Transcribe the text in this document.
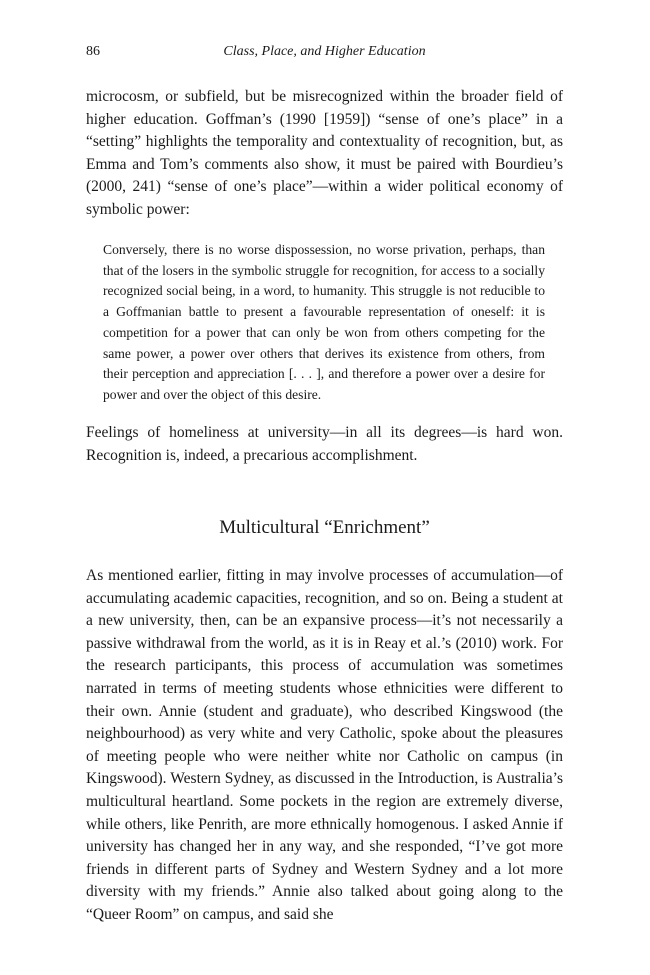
86	Class, Place, and Higher Education

microcosm, or subfield, but be misrecognized within the broader field of higher education. Goffman’s (1990 [1959]) “sense of one’s place” in a “setting” highlights the temporality and contextuality of recognition, but, as Emma and Tom’s comments also show, it must be paired with Bourdieu’s (2000, 241) “sense of one’s place”—within a wider political economy of symbolic power:

Conversely, there is no worse dispossession, no worse privation, perhaps, than that of the losers in the symbolic struggle for recognition, for access to a socially recognized social being, in a word, to humanity. This struggle is not reducible to a Goffmanian battle to present a favourable representation of oneself: it is competition for a power that can only be won from others competing for the same power, a power over others that derives its existence from others, from their perception and appreciation [. . . ], and therefore a power over a desire for power and over the object of this desire.

Feelings of homeliness at university—in all its degrees—is hard won. Recognition is, indeed, a precarious accomplishment.

Multicultural “Enrichment”

As mentioned earlier, fitting in may involve processes of accumulation—of accumulating academic capacities, recognition, and so on. Being a student at a new university, then, can be an expansive process—it’s not necessarily a passive withdrawal from the world, as it is in Reay et al.’s (2010) work. For the research participants, this process of accumulation was sometimes narrated in terms of meeting students whose ethnicities were different to their own. Annie (student and graduate), who described Kingswood (the neighbourhood) as very white and very Catholic, spoke about the pleasures of meeting people who were neither white nor Catholic on campus (in Kingswood). Western Sydney, as discussed in the Introduction, is Australia’s multicultural heartland. Some pockets in the region are extremely diverse, while others, like Penrith, are more ethnically homogenous. I asked Annie if university has changed her in any way, and she responded, “I’ve got more friends in different parts of Sydney and Western Sydney and a lot more diversity with my friends.” Annie also talked about going along to the “Queer Room” on campus, and said she
